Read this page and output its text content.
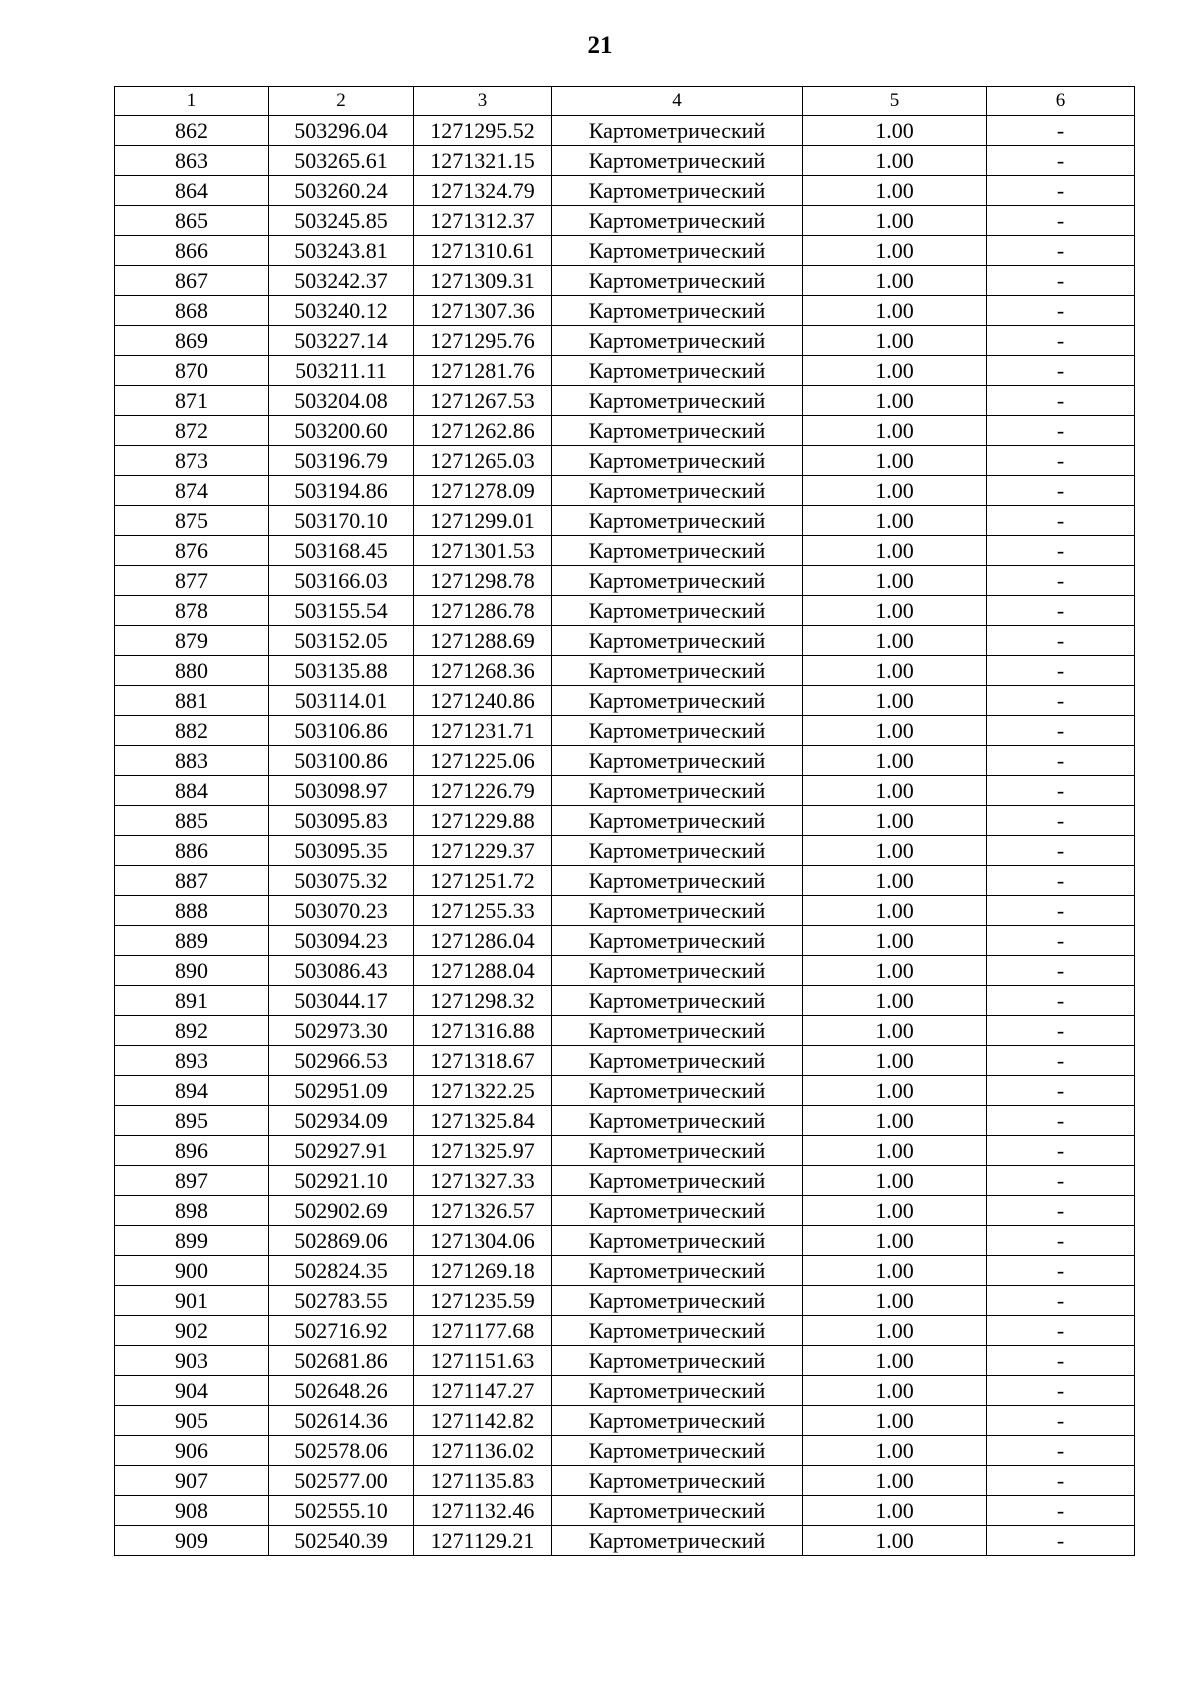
21
1	2	3	4	5	6
862	503296.04	1271295.52	Картометрический	1.00	-
863	503265.61	1271321.15	Картометрический	1.00	-
864	503260.24	1271324.79	Картометрический	1.00	-
865	503245.85	1271312.37	Картометрический	1.00	-
866	503243.81	1271310.61	Картометрический	1.00	-
867	503242.37	1271309.31	Картометрический	1.00	-
868	503240.12	1271307.36	Картометрический	1.00	-
869	503227.14	1271295.76	Картометрический	1.00	-
870	503211.11	1271281.76	Картометрический	1.00	-
871	503204.08	1271267.53	Картометрический	1.00	-
872	503200.60	1271262.86	Картометрический	1.00	-
873	503196.79	1271265.03	Картометрический	1.00	-
874	503194.86	1271278.09	Картометрический	1.00	-
875	503170.10	1271299.01	Картометрический	1.00	-
876	503168.45	1271301.53	Картометрический	1.00	-
877	503166.03	1271298.78	Картометрический	1.00	-
878	503155.54	1271286.78	Картометрический	1.00	-
879	503152.05	1271288.69	Картометрический	1.00	-
880	503135.88	1271268.36	Картометрический	1.00	-
881	503114.01	1271240.86	Картометрический	1.00	-
882	503106.86	1271231.71	Картометрический	1.00	-
883	503100.86	1271225.06	Картометрический	1.00	-
884	503098.97	1271226.79	Картометрический	1.00	-
885	503095.83	1271229.88	Картометрический	1.00	-
886	503095.35	1271229.37	Картометрический	1.00	-
887	503075.32	1271251.72	Картометрический	1.00	-
888	503070.23	1271255.33	Картометрический	1.00	-
889	503094.23	1271286.04	Картометрический	1.00	-
890	503086.43	1271288.04	Картометрический	1.00	-
891	503044.17	1271298.32	Картометрический	1.00	-
892	502973.30	1271316.88	Картометрический	1.00	-
893	502966.53	1271318.67	Картометрический	1.00	-
894	502951.09	1271322.25	Картометрический	1.00	-
895	502934.09	1271325.84	Картометрический	1.00	-
896	502927.91	1271325.97	Картометрический	1.00	-
897	502921.10	1271327.33	Картометрический	1.00	-
898	502902.69	1271326.57	Картометрический	1.00	-
899	502869.06	1271304.06	Картометрический	1.00	-
900	502824.35	1271269.18	Картометрический	1.00	-
901	502783.55	1271235.59	Картометрический	1.00	-
902	502716.92	1271177.68	Картометрический	1.00	-
903	502681.86	1271151.63	Картометрический	1.00	-
904	502648.26	1271147.27	Картометрический	1.00	-
905	502614.36	1271142.82	Картометрический	1.00	-
906	502578.06	1271136.02	Картометрический	1.00	-
907	502577.00	1271135.83	Картометрический	1.00	-
908	502555.10	1271132.46	Картометрический	1.00	-
909	502540.39	1271129.21	Картометрический	1.00	-
